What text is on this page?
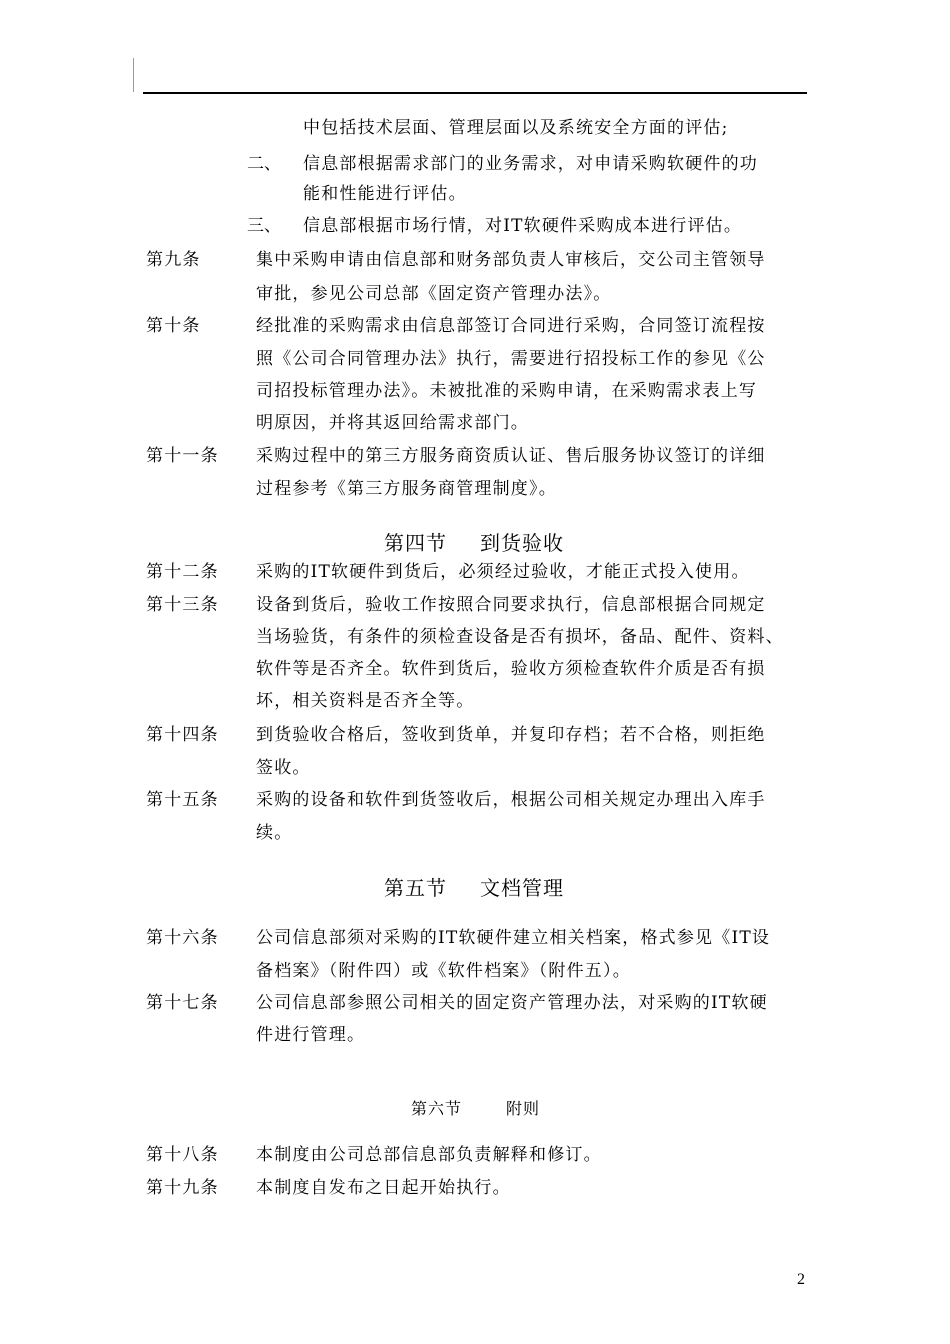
中包括技术层面、管理层面以及系统安全方面的评估;
二、 信息部根据需求部门的业务需求，对申请采购软硬件的功
能和性能进行评估。
三、 信息部根据市场行情，对IT软硬件采购成本进行评估。
第九条	集中采购申请由信息部和财务部负责人审核后，交公司主管领导
审批，参见公司总部《固定资产管理办法》。
第十条	经批准的采购需求由信息部签订合同进行采购，合同签订流程按
照《公司合同管理办法》执行，需要进行招投标工作的参见《公
司招投标管理办法》。未被批准的采购申请，在采购需求表上写
明原因，并将其返回给需求部门。
第十一条 采购过程中的第三方服务商资质认证、售后服务协议签订的详细
过程参考《第三方服务商管理制度》。
第四节 到货验收
第十二条 采购的IT软硬件到货后，必须经过验收，才能正式投入使用。
第十三条 设备到货后，验收工作按照合同要求执行，信息部根据合同规定
当场验货，有条件的须检查设备是否有损坏，备品、配件、资料、
软件等是否齐全。软件到货后，验收方须检查软件介质是否有损
坏，相关资料是否齐全等。
第十四条 到货验收合格后，签收到货单，并复印存档；若不合格，则拒绝
签收。
第十五条 采购的设备和软件到货签收后，根据公司相关规定办理出入库手
续。
第五节 文档管理
第十六条 公司信息部须对采购的IT软硬件建立相关档案，格式参见《IT设
备档案》（附件四）或《软件档案》（附件五）。
第十七条 公司信息部参照公司相关的固定资产管理办法，对采购的IT软硬
件进行管理。
第六节	附则
第十八条 本制度由公司总部信息部负责解释和修订。
第十九条 本制度自发布之日起开始执行。
2
